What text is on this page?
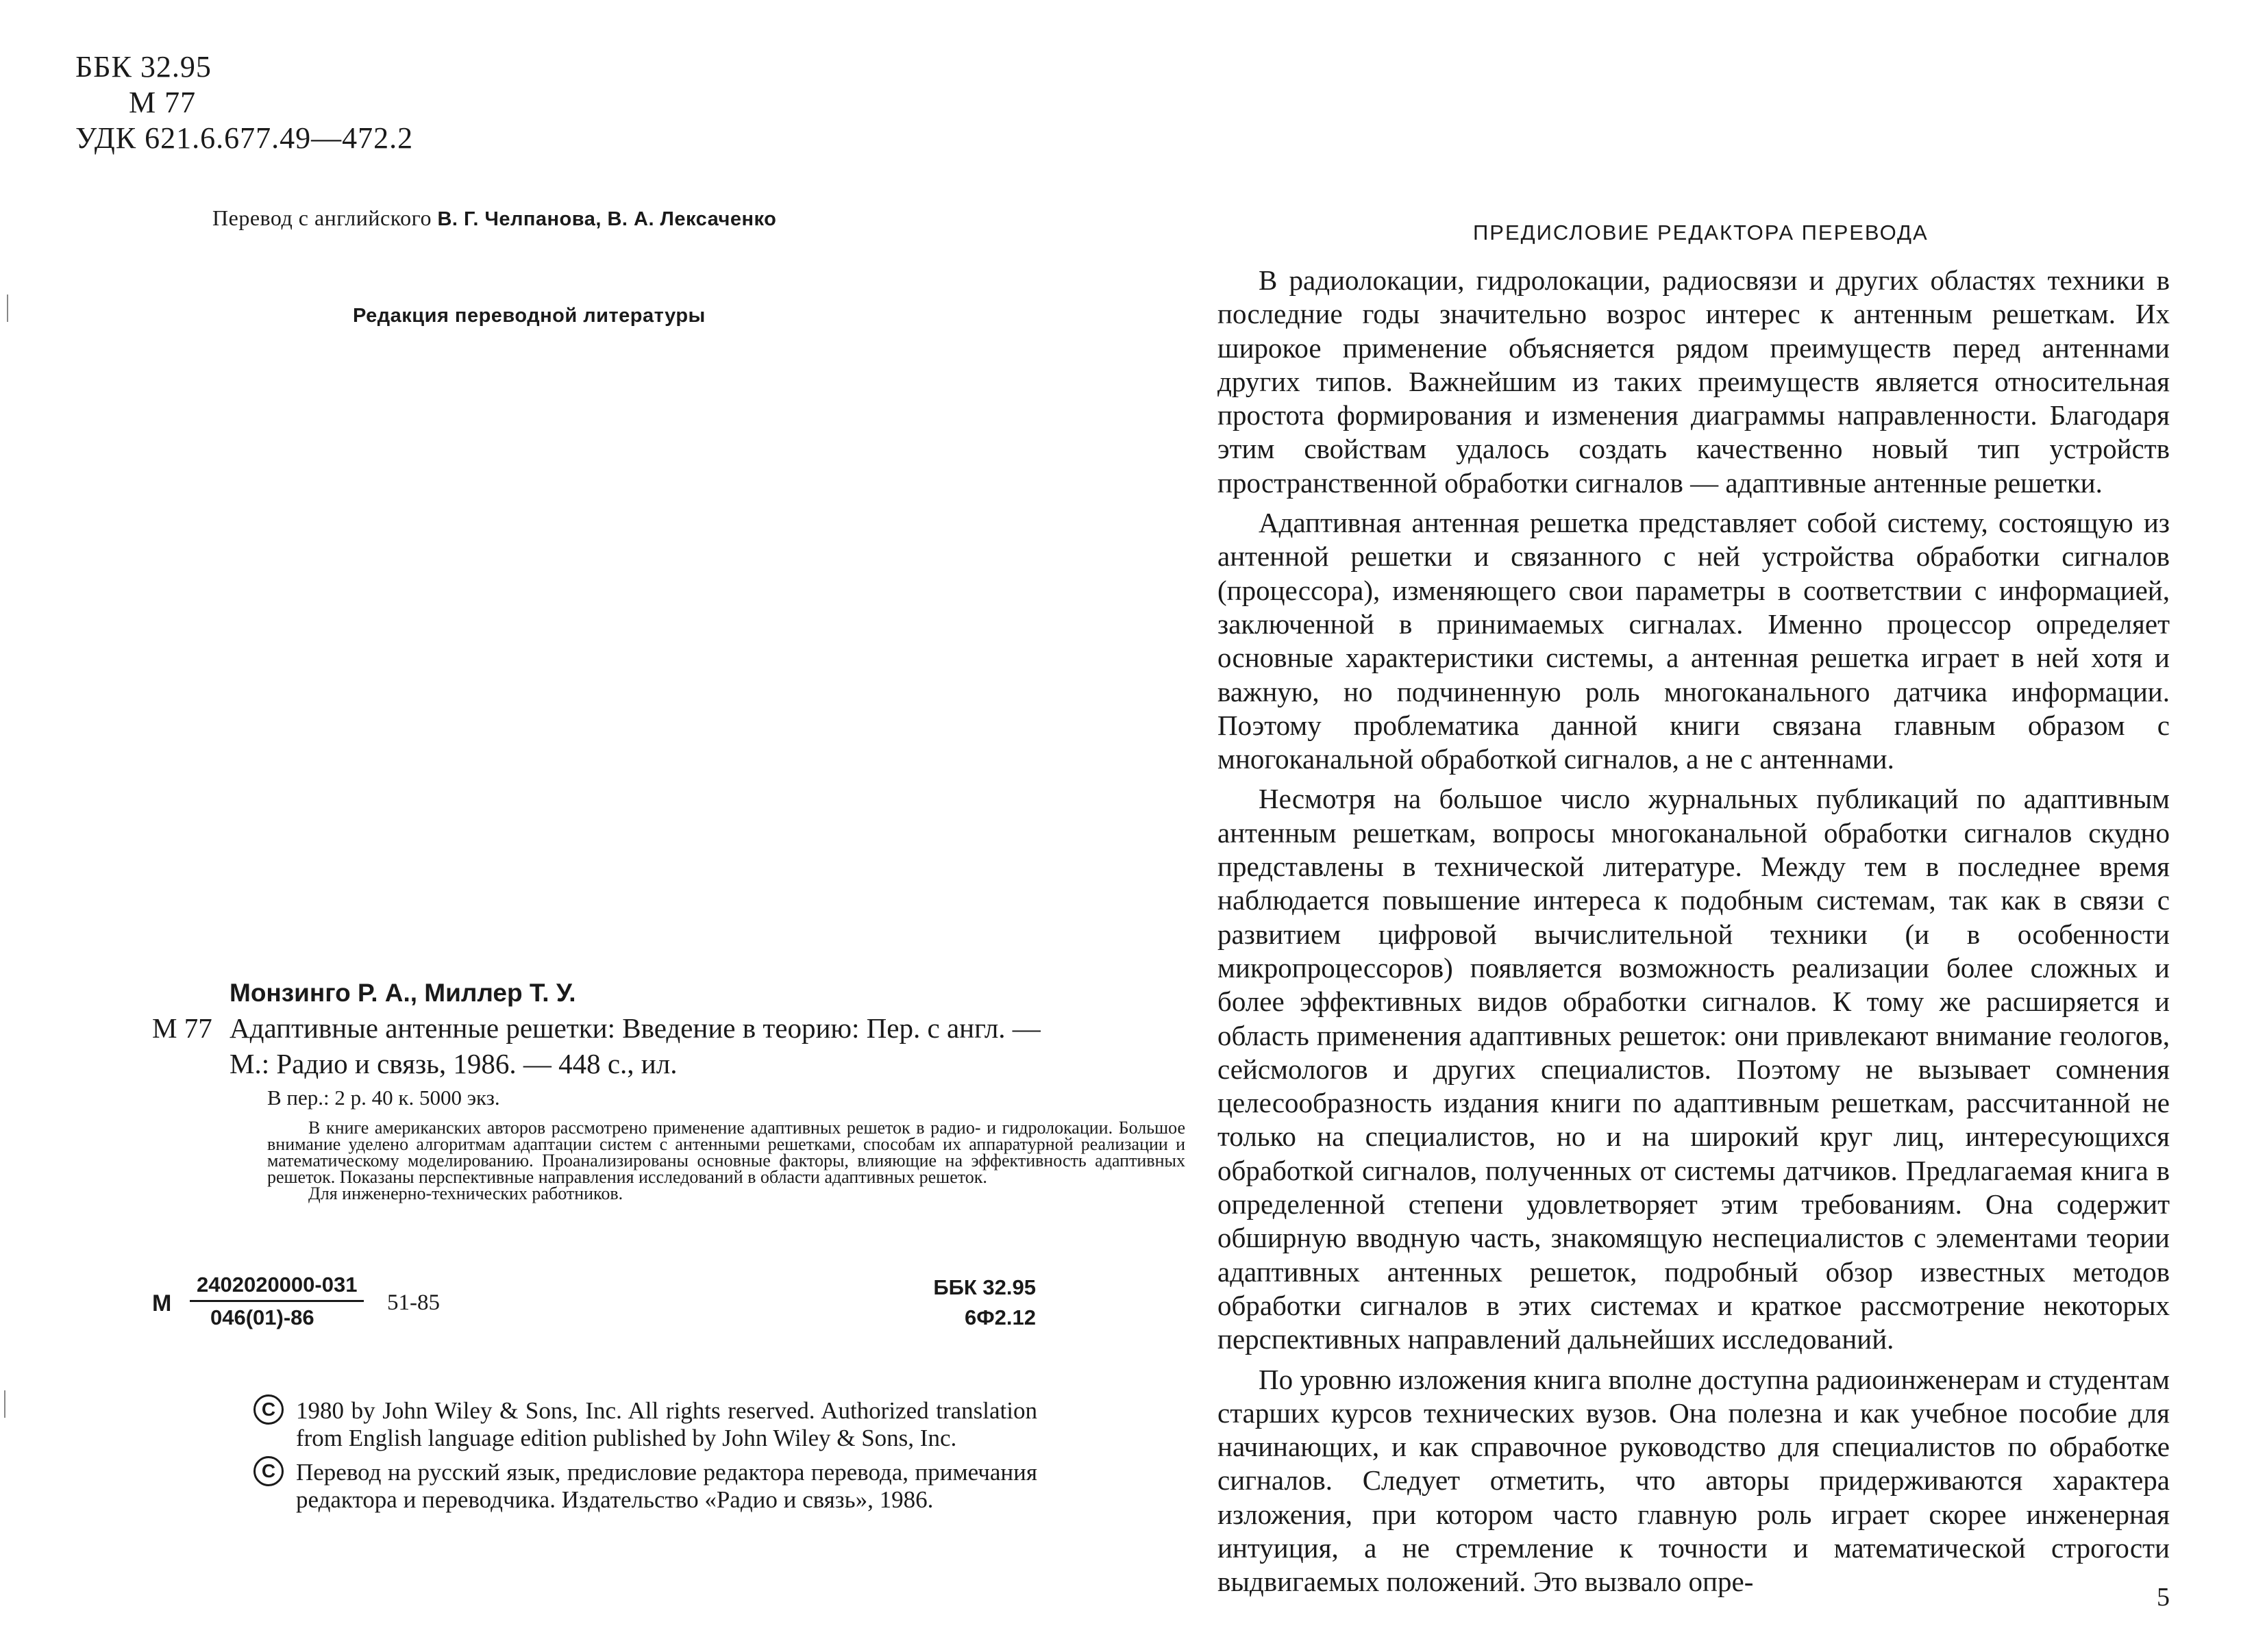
ББК 32.95

М 77
УДК 621.6.677.49—472.2
Перевод с английского В. Г. Челпанова, В. А. Лексаченко
Редакция переводной литературы
Монзинго Р. А., Миллер Т. У.
М 77 Адаптивные антенные решетки: Введение в теорию: Пер. с англ. — М.: Радио и связь, 1986. — 448 с., ил.
В пер.: 2 р. 40 к. 5000 экз.

В книге американских авторов рассмотрено применение адаптивных решеток в радио- и гидролокации. Большое внимание уделено алгоритмам адаптации систем с антенными решетками, способам их аппаратурной реализации и математическому моделированию. Проанализированы основные факторы, влияющие на эффективность адаптивных решеток. Показаны перспективные направления исследований в области адаптивных решеток.

Для инженерно-технических работников.

М
2402020000-031
046(01)-86
51-85
ББК 32.95
6Ф2.12
С 1980 by John Wiley & Sons, Inc. All rights reserved. Authorized translation from English language edition published by John Wiley & Sons, Inc.
С Перевод на русский язык, предисловие редактора перевода, примечания редактора и переводчика. Издательство «Радио и связь», 1986.
ПРЕДИСЛОВИЕ РЕДАКТОРА ПЕРЕВОДА

В радиолокации, гидролокации, радиосвязи и других областях техники в последние годы значительно возрос интерес к антенным решеткам. Их широкое применение объясняется рядом преимуществ перед антеннами других типов. Важнейшим из таких преимуществ является относительная простота формирования и изменения диаграммы направленности. Благодаря этим свойствам удалось создать качественно новый тип устройств пространственной обработки сигналов — адаптивные антенные решетки.

Адаптивная антенная решетка представляет собой систему, состоящую из антенной решетки и связанного с ней устройства обработки сигналов (процессора), изменяющего свои параметры в соответствии с информацией, заключенной в принимаемых сигналах. Именно процессор определяет основные характеристики системы, а антенная решетка играет в ней хотя и важную, но подчиненную роль многоканального датчика информации. Поэтому проблематика данной книги связана главным образом с многоканальной обработкой сигналов, а не с антеннами.

Несмотря на большое число журнальных публикаций по адаптивным антенным решеткам, вопросы многоканальной обработки сигналов скудно представлены в технической литературе. Между тем в последнее время наблюдается повышение интереса к подобным системам, так как в связи с развитием цифровой вычислительной техники (и в особенности микропроцессоров) появляется возможность реализации более сложных и более эффективных видов обработки сигналов. К тому же расширяется и область применения адаптивных решеток: они привлекают внимание геологов, сейсмологов и других специалистов. Поэтому не вызывает сомнения целесообразность издания книги по адаптивным решеткам, рассчитанной не только на специалистов, но и на широкий круг лиц, интересующихся обработкой сигналов, полученных от системы датчиков. Предлагаемая книга в определенной степени удовлетворяет этим требованиям. Она содержит обширную вводную часть, знакомящую неспециалистов с элементами теории адаптивных антенных решеток, подробный обзор известных методов обработки сигналов в этих системах и краткое рассмотрение некоторых перспективных направлений дальнейших исследований.

По уровню изложения книга вполне доступна радиоинженерам и студентам старших курсов технических вузов. Она полезна и как учебное пособие для начинающих, и как справочное руководство для специалистов по обработке сигналов. Следует отметить, что авторы придерживаются характера изложения, при котором часто главную роль играет скорее инженерная интуиция, а не стремление к точности и математической строгости выдвигаемых положений. Это вызвало опре-	5
